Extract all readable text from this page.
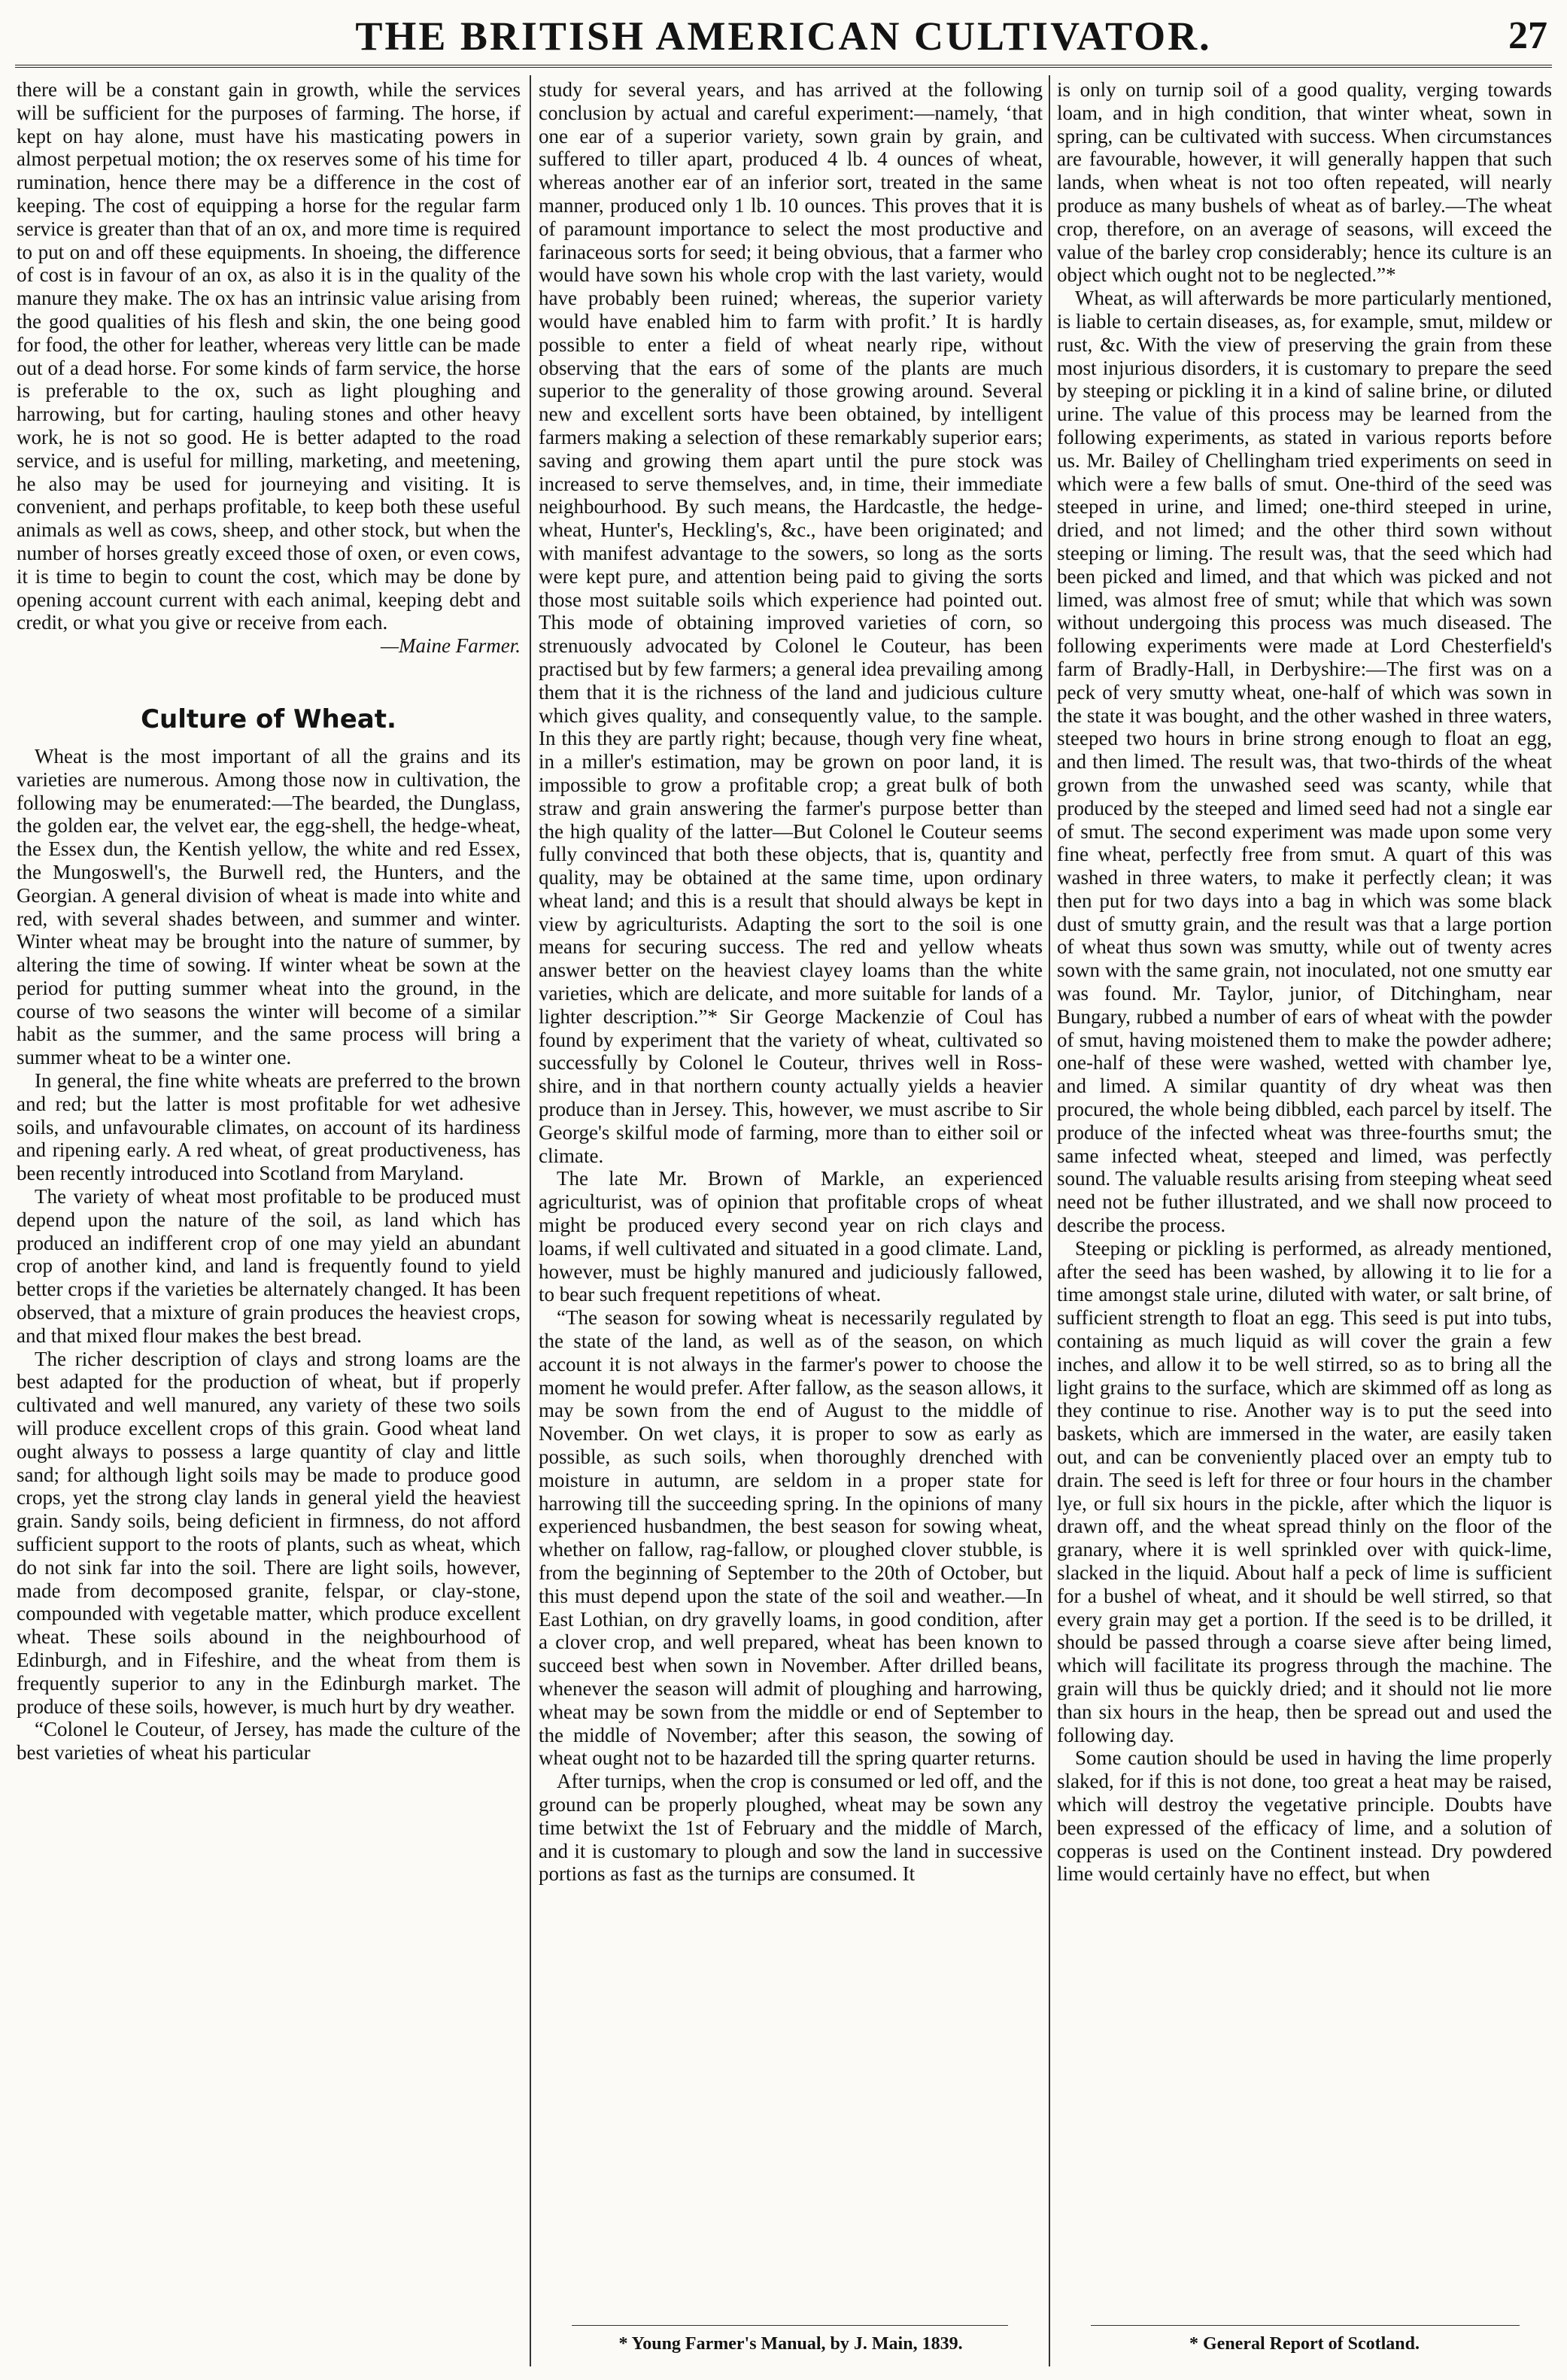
THE BRITISH AMERICAN CULTIVATOR.	27

there will be a constant gain in growth, while the services will be sufficient for the purposes of farming. The horse, if kept on hay alone, must have his masticating powers in almost perpetual motion; the ox reserves some of his time for rumination, hence there may be a difference in the cost of keeping. The cost of equipping a horse for the regular farm service is greater than that of an ox, and more time is required to put on and off these equipments. In shoeing, the difference of cost is in favour of an ox, as also it is in the quality of the manure they make. The ox has an intrinsic value arising from the good qualities of his flesh and skin, the one being good for food, the other for leather, whereas very little can be made out of a dead horse. For some kinds of farm service, the horse is preferable to the ox, such as light ploughing and harrowing, but for carting, hauling stones and other heavy work, he is not so good. He is better adapted to the road service, and is useful for milling, marketing, and meetening, he also may be used for journeying and visiting. It is convenient, and perhaps profitable, to keep both these useful animals as well as cows, sheep, and other stock, but when the number of horses greatly exceed those of oxen, or even cows, it is time to begin to count the cost, which may be done by opening account current with each animal, keeping debt and credit, or what you give or receive from each.

—Maine Farmer.

Culture of Wheat.

Wheat is the most important of all the grains and its varieties are numerous. Among those now in cultivation, the following may be enumerated:—The bearded, the Dunglass, the golden ear, the velvet ear, the egg-shell, the hedge-wheat, the Essex dun, the Kentish yellow, the white and red Essex, the Mungoswell's, the Burwell red, the Hunters, and the Georgian. A general division of wheat is made into white and red, with several shades between, and summer and winter. Winter wheat may be brought into the nature of summer, by altering the time of sowing. If winter wheat be sown at the period for putting summer wheat into the ground, in the course of two seasons the winter will become of a similar habit as the summer, and the same process will bring a summer wheat to be a winter one.

In general, the fine white wheats are preferred to the brown and red; but the latter is most profitable for wet adhesive soils, and unfavourable climates, on account of its hardiness and ripening early. A red wheat, of great productiveness, has been recently introduced into Scotland from Maryland.

The variety of wheat most profitable to be produced must depend upon the nature of the soil, as land which has produced an indifferent crop of one may yield an abundant crop of another kind, and land is frequently found to yield better crops if the varieties be alternately changed. It has been observed, that a mixture of grain produces the heaviest crops, and that mixed flour makes the best bread.

The richer description of clays and strong loams are the best adapted for the production of wheat, but if properly cultivated and well manured, any variety of these two soils will produce excellent crops of this grain. Good wheat land ought always to possess a large quantity of clay and little sand; for although light soils may be made to produce good crops, yet the strong clay lands in general yield the heaviest grain. Sandy soils, being deficient in firmness, do not afford sufficient support to the roots of plants, such as wheat, which do not sink far into the soil. There are light soils, however, made from decomposed granite, felspar, or clay-stone, compounded with vegetable matter, which produce excellent wheat. These soils abound in the neighbourhood of Edinburgh, and in Fifeshire, and the wheat from them is frequently superior to any in the Edinburgh market. The produce of these soils, however, is much hurt by dry weather.

“Colonel le Couteur, of Jersey, has made the culture of the best varieties of wheat his particular

study for several years, and has arrived at the following conclusion by actual and careful experiment:—namely, ‘that one ear of a superior variety, sown grain by grain, and suffered to tiller apart, produced 4 lb. 4 ounces of wheat, whereas another ear of an inferior sort, treated in the same manner, produced only 1 lb. 10 ounces. This proves that it is of paramount importance to select the most productive and farinaceous sorts for seed; it being obvious, that a farmer who would have sown his whole crop with the last variety, would have probably been ruined; whereas, the superior variety would have enabled him to farm with profit.’ It is hardly possible to enter a field of wheat nearly ripe, without observing that the ears of some of the plants are much superior to the generality of those growing around. Several new and excellent sorts have been obtained, by intelligent farmers making a selection of these remarkably superior ears; saving and growing them apart until the pure stock was increased to serve themselves, and, in time, their immediate neighbourhood. By such means, the Hardcastle, the hedge-wheat, Hunter's, Heckling's, &c., have been originated; and with manifest advantage to the sowers, so long as the sorts were kept pure, and attention being paid to giving the sorts those most suitable soils which experience had pointed out. This mode of obtaining improved varieties of corn, so strenuously advocated by Colonel le Couteur, has been practised but by few farmers; a general idea prevailing among them that it is the richness of the land and judicious culture which gives quality, and consequently value, to the sample. In this they are partly right; because, though very fine wheat, in a miller's estimation, may be grown on poor land, it is impossible to grow a profitable crop; a great bulk of both straw and grain answering the farmer's purpose better than the high quality of the latter—But Colonel le Couteur seems fully convinced that both these objects, that is, quantity and quality, may be obtained at the same time, upon ordinary wheat land; and this is a result that should always be kept in view by agriculturists. Adapting the sort to the soil is one means for securing success. The red and yellow wheats answer better on the heaviest clayey loams than the white varieties, which are delicate, and more suitable for lands of a lighter description.”* Sir George Mackenzie of Coul has found by experiment that the variety of wheat, cultivated so successfully by Colonel le Couteur, thrives well in Ross-shire, and in that northern county actually yields a heavier produce than in Jersey. This, however, we must ascribe to Sir George's skilful mode of farming, more than to either soil or climate.

The late Mr. Brown of Markle, an experienced agriculturist, was of opinion that profitable crops of wheat might be produced every second year on rich clays and loams, if well cultivated and situated in a good climate. Land, however, must be highly manured and judiciously fallowed, to bear such frequent repetitions of wheat.

“The season for sowing wheat is necessarily regulated by the state of the land, as well as of the season, on which account it is not always in the farmer's power to choose the moment he would prefer. After fallow, as the season allows, it may be sown from the end of August to the middle of November. On wet clays, it is proper to sow as early as possible, as such soils, when thoroughly drenched with moisture in autumn, are seldom in a proper state for harrowing till the succeeding spring. In the opinions of many experienced husbandmen, the best season for sowing wheat, whether on fallow, rag-fallow, or ploughed clover stubble, is from the beginning of September to the 20th of October, but this must depend upon the state of the soil and weather.—In East Lothian, on dry gravelly loams, in good condition, after a clover crop, and well prepared, wheat has been known to succeed best when sown in November. After drilled beans, whenever the season will admit of ploughing and harrowing, wheat may be sown from the middle or end of September to the middle of November; after this season, the sowing of wheat ought not to be hazarded till the spring quarter returns.

After turnips, when the crop is consumed or led off, and the ground can be properly ploughed, wheat may be sown any time betwixt the 1st of February and the middle of March, and it is customary to plough and sow the land in successive portions as fast as the turnips are consumed. It

is only on turnip soil of a good quality, verging towards loam, and in high condition, that winter wheat, sown in spring, can be cultivated with success. When circumstances are favourable, however, it will generally happen that such lands, when wheat is not too often repeated, will nearly produce as many bushels of wheat as of barley.—The wheat crop, therefore, on an average of seasons, will exceed the value of the barley crop considerably; hence its culture is an object which ought not to be neglected.”*

Wheat, as will afterwards be more particularly mentioned, is liable to certain diseases, as, for example, smut, mildew or rust, &c. With the view of preserving the grain from these most injurious disorders, it is customary to prepare the seed by steeping or pickling it in a kind of saline brine, or diluted urine. The value of this process may be learned from the following experiments, as stated in various reports before us. Mr. Bailey of Chellingham tried experiments on seed in which were a few balls of smut. One-third of the seed was steeped in urine, and limed; one-third steeped in urine, dried, and not limed; and the other third sown without steeping or liming. The result was, that the seed which had been picked and limed, and that which was picked and not limed, was almost free of smut; while that which was sown without undergoing this process was much diseased. The following experiments were made at Lord Chesterfield's farm of Bradly-Hall, in Derbyshire:—The first was on a peck of very smutty wheat, one-half of which was sown in the state it was bought, and the other washed in three waters, steeped two hours in brine strong enough to float an egg, and then limed. The result was, that two-thirds of the wheat grown from the unwashed seed was scanty, while that produced by the steeped and limed seed had not a single ear of smut. The second experiment was made upon some very fine wheat, perfectly free from smut. A quart of this was washed in three waters, to make it perfectly clean; it was then put for two days into a bag in which was some black dust of smutty grain, and the result was that a large portion of wheat thus sown was smutty, while out of twenty acres sown with the same grain, not inoculated, not one smutty ear was found. Mr. Taylor, junior, of Ditchingham, near Bungary, rubbed a number of ears of wheat with the powder of smut, having moistened them to make the powder adhere; one-half of these were washed, wetted with chamber lye, and limed. A similar quantity of dry wheat was then procured, the whole being dibbled, each parcel by itself. The produce of the infected wheat was three-fourths smut; the same infected wheat, steeped and limed, was perfectly sound. The valuable results arising from steeping wheat seed need not be futher illustrated, and we shall now proceed to describe the process.

Steeping or pickling is performed, as already mentioned, after the seed has been washed, by allowing it to lie for a time amongst stale urine, diluted with water, or salt brine, of sufficient strength to float an egg. This seed is put into tubs, containing as much liquid as will cover the grain a few inches, and allow it to be well stirred, so as to bring all the light grains to the surface, which are skimmed off as long as they continue to rise. Another way is to put the seed into baskets, which are immersed in the water, are easily taken out, and can be conveniently placed over an empty tub to drain. The seed is left for three or four hours in the chamber lye, or full six hours in the pickle, after which the liquor is drawn off, and the wheat spread thinly on the floor of the granary, where it is well sprinkled over with quick-lime, slacked in the liquid. About half a peck of lime is sufficient for a bushel of wheat, and it should be well stirred, so that every grain may get a portion. If the seed is to be drilled, it should be passed through a coarse sieve after being limed, which will facilitate its progress through the machine. The grain will thus be quickly dried; and it should not lie more than six hours in the heap, then be spread out and used the following day.

Some caution should be used in having the lime properly slaked, for if this is not done, too great a heat may be raised, which will destroy the vegetative principle. Doubts have been expressed of the efficacy of lime, and a solution of copperas is used on the Continent instead. Dry powdered lime would certainly have no effect, but when

* Young Farmer's Manual, by J. Main, 1839.	* General Report of Scotland.
